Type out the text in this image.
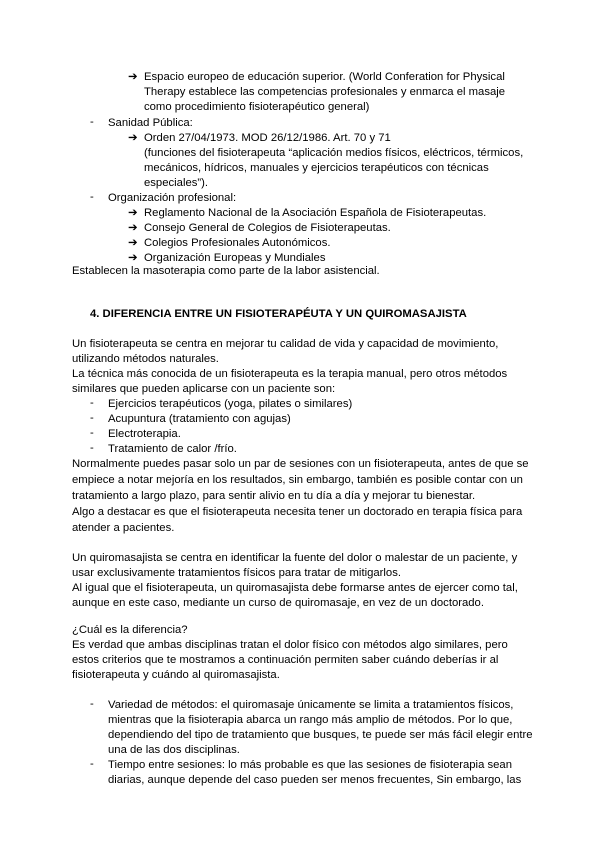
➔ Espacio europeo de educación superior. (World Conferation for Physical
Therapy establece las competencias profesionales y enmarca el masaje
como procedimiento fisioterapéutico general)
- Sanidad Pública:
➔ Orden 27/04/1973. MOD 26/12/1986. Art. 70 y 71
(funciones del fisioterapeuta “aplicación medios físicos, eléctricos, térmicos,
mecánicos, hídricos, manuales y ejercicios terapéuticos con técnicas
especiales”).
- Organización profesional:
➔ Reglamento Nacional de la Asociación Española de Fisioterapeutas.
➔ Consejo General de Colegios de Fisioterapeutas.
➔ Colegios Profesionales Autonómicos.
➔ Organización Europeas y Mundiales
Establecen la masoterapia como parte de la labor asistencial.
4. DIFERENCIA ENTRE UN FISIOTERAPÉUTA Y UN QUIROMASAJISTA
Un fisioterapeuta se centra en mejorar tu calidad de vida y capacidad de movimiento,
utilizando métodos naturales.
La técnica más conocida de un fisioterapeuta es la terapia manual, pero otros métodos
similares que pueden aplicarse con un paciente son:
- Ejercicios terapéuticos (yoga, pilates o similares)
- Acupuntura (tratamiento con agujas)
- Electroterapia.
- Tratamiento de calor /frío.
Normalmente puedes pasar solo un par de sesiones con un fisioterapeuta, antes de que se
empiece a notar mejoría en los resultados, sin embargo, también es posible contar con un
tratamiento a largo plazo, para sentir alivio en tu día a día y mejorar tu bienestar.
Algo a destacar es que el fisioterapeuta necesita tener un doctorado en terapia física para
atender a pacientes.
Un quiromasajista se centra en identificar la fuente del dolor o malestar de un paciente, y
usar exclusivamente tratamientos físicos para tratar de mitigarlos.
Al igual que el fisioterapeuta, un quiromasajista debe formarse antes de ejercer como tal,
aunque en este caso, mediante un curso de quiromasaje, en vez de un doctorado.
¿Cuál es la diferencia?
Es verdad que ambas disciplinas tratan el dolor físico con métodos algo similares, pero
estos criterios que te mostramos a continuación permiten saber cuándo deberías ir al
fisioterapeuta y cuándo al quiromasajista.
- Variedad de métodos: el quiromasaje únicamente se limita a tratamientos físicos,
mientras que la fisioterapia abarca un rango más amplio de métodos. Por lo que,
dependiendo del tipo de tratamiento que busques, te puede ser más fácil elegir entre
una de las dos disciplinas.
- Tiempo entre sesiones: lo más probable es que las sesiones de fisioterapia sean
diarias, aunque depende del caso pueden ser menos frecuentes, Sin embargo, las
